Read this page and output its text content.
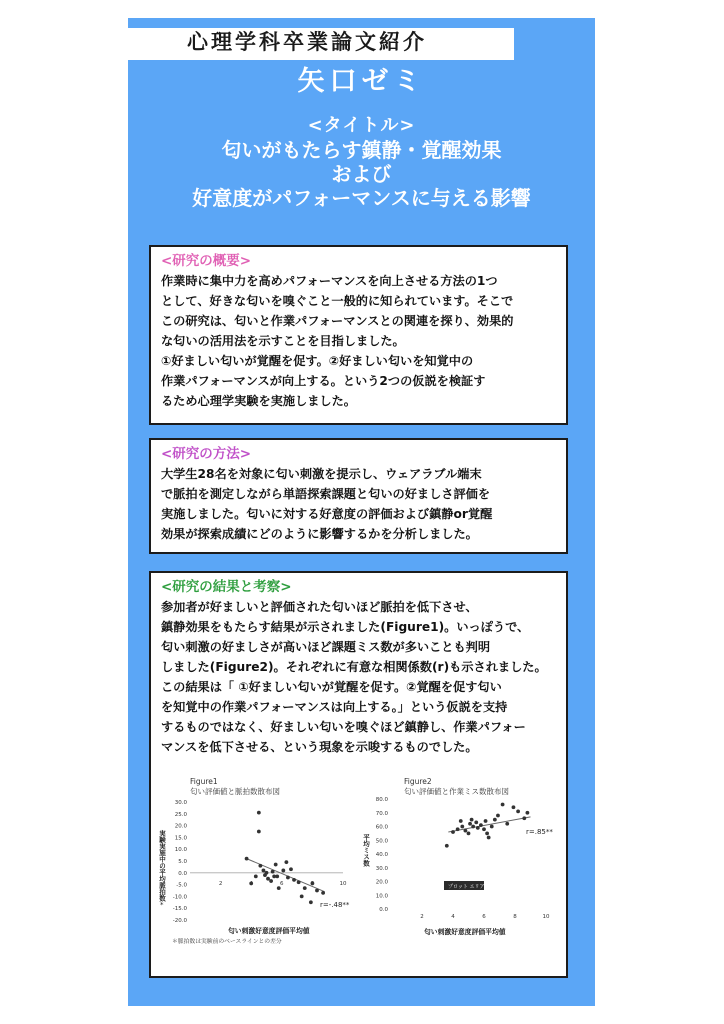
心理学科卒業論文紹介
矢口ゼミ
<タイトル>
匂いがもたらす鎮静・覚醒効果
および
好意度がパフォーマンスに与える影響
<研究の概要>

作業時に集中力を高めパフォーマンスを向上させる方法の1つ
として、好きな匂いを嗅ぐこと一般的に知られています。そこで
この研究は、匂いと作業パフォーマンスとの関連を探り、効果的
な匂いの活用法を示すことを目指しました。
①好ましい匂いが覚醒を促す。②好ましい匂いを知覚中の
作業パフォーマンスが向上する。という2つの仮説を検証す
るため心理学実験を実施しました。

<研究の方法>

大学生28名を対象に匂い刺激を提示し、ウェアラブル端末
で脈拍を測定しながら単語探索課題と匂いの好ましさ評価を
実施しました。匂いに対する好意度の評価および鎮静or覚醒
効果が探索成績にどのように影響するかを分析しました。

<研究の結果と考察>

参加者が好ましいと評価された匂いほど脈拍を低下させ、
鎮静効果をもたらす結果が示されました(Figure1)。いっぽうで、
匂い刺激の好ましさが高いほど課題ミス数が多いことも判明
しました(Figure2)。それぞれに有意な相関係数(r)も示されました。
この結果は「 ①好ましい匂いが覚醒を促す。②覚醒を促す匂い
を知覚中の作業パフォーマンスは向上する。」という仮説を支持
するものではなく、好ましい匂いを嗅ぐほど鎮静し、作業パフォー
マンスを低下させる、という現象を示唆するものでした。

Figure1
匂い評価値と脈拍数散布図
実験実施中の平均脈拍数
*
30.0
25.0
20.0
15.0
10.0
5.0
0.0
-5.0
-10.0
-15.0
-20.0
2	6	10
r=-.48**
匂い刺激好意度評価平均値
＊脈拍数は実験前のベースラインとの差分
Figure2
匂い評価値と作業ミス数散布図
平均ミス数
80.0
70.0
60.0
50.0
40.0
30.0
20.0
10.0
0.0
2	4	6	8	10
r=.85**
プロット エリア
匂い刺激好意度評価平均値
